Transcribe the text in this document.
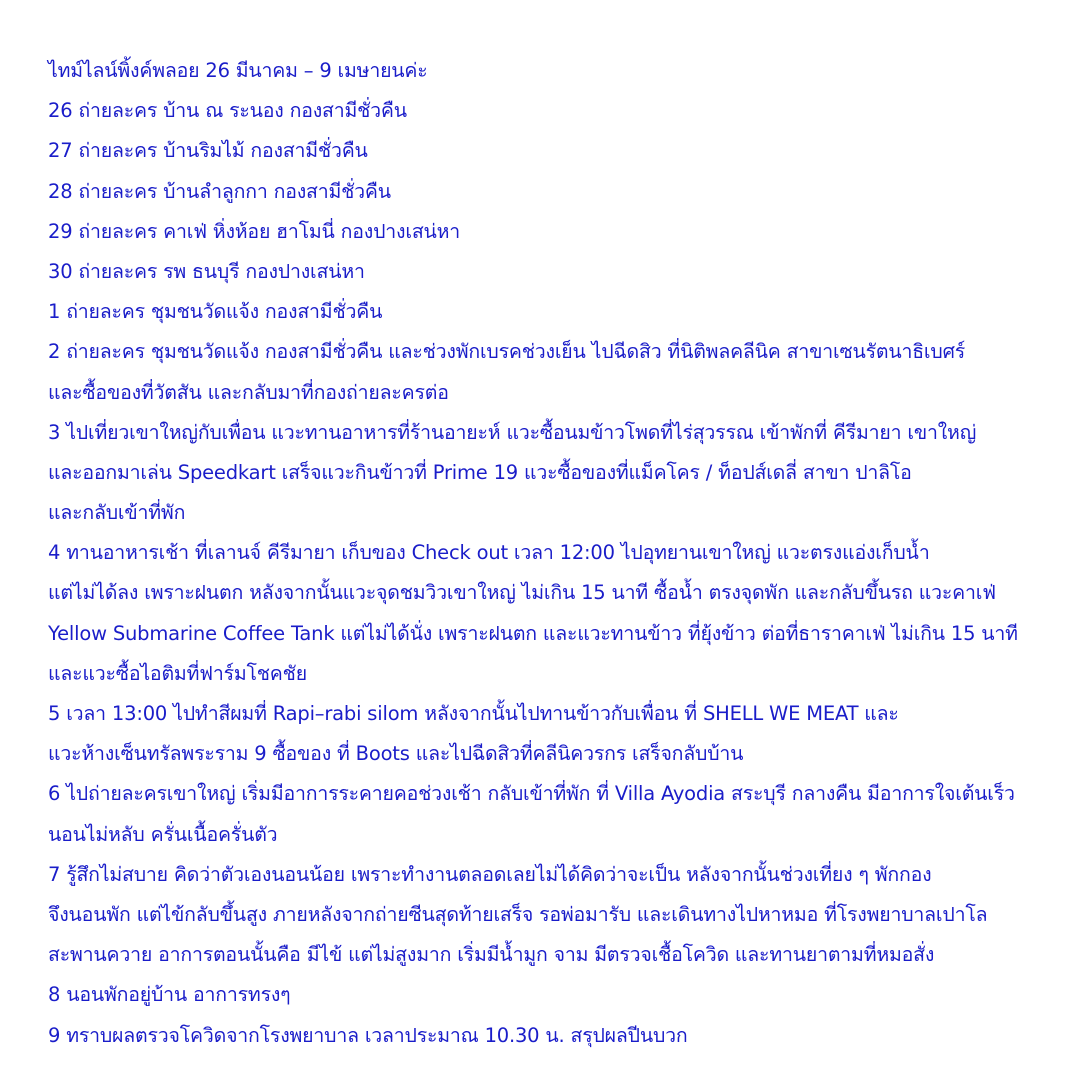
ไทม์ไลน์พิ้งค์พลอย 26 มีนาคม – 9 เมษายนค่ะ
26 ถ่ายละคร บ้าน ณ ระนอง กองสามีชั่วคืน
27 ถ่ายละคร บ้านริมไม้ กองสามีชั่วคืน
28 ถ่ายละคร บ้านลำลูกกา กองสามีชั่วคืน
29 ถ่ายละคร คาเฟ่ หิ่งห้อย ฮาโมนี่ กองปางเสน่หา
30 ถ่ายละคร รพ ธนบุรี กองปางเสน่หา
1 ถ่ายละคร ชุมชนวัดแจ้ง กองสามีชั่วคืน
2 ถ่ายละคร ชุมชนวัดแจ้ง กองสามีชั่วคืน และช่วงพักเบรคช่วงเย็น ไปฉีดสิว ที่นิติพลคลีนิค สาขาเซนรัตนาธิเบศร์
และซื้อของที่วัตสัน และกลับมาที่กองถ่ายละครต่อ
3 ไปเที่ยวเขาใหญ่กับเพื่อน แวะทานอาหารที่ร้านอายะห์ แวะซื้อนมข้าวโพดที่ไร่สุวรรณ เข้าพักที่ คีรีมายา เขาใหญ่
และออกมาเล่น Speedkart เสร็จแวะกินข้าวที่ Prime 19 แวะซื้อของที่แม็คโคร / ท็อปส์เดลี่ สาขา ปาลิโอ
และกลับเข้าที่พัก
4 ทานอาหารเช้า ที่เลานจ์ คีรีมายา เก็บของ Check out เวลา 12:00 ไปอุทยานเขาใหญ่ แวะตรงแอ่งเก็บน้ำ
แต่ไม่ได้ลง เพราะฝนตก หลังจากนั้นแวะจุดชมวิวเขาใหญ่ ไม่เกิน 15 นาที ซื้อน้ำ ตรงจุดพัก และกลับขึ้นรถ แวะคาเฟ่
Yellow Submarine Coffee Tank แต่ไม่ได้นั่ง เพราะฝนตก และแวะทานข้าว ที่ยุ้งข้าว ต่อที่ธาราคาเฟ่ ไม่เกิน 15 นาที
และแวะซื้อไอติมที่ฟาร์มโชคชัย
5 เวลา 13:00 ไปทำสีผมที่ Rapi–rabi silom หลังจากนั้นไปทานข้าวกับเพื่อน ที่ SHELL WE MEAT และ
แวะห้างเซ็นทรัลพระราม 9 ซื้อของ ที่ Boots และไปฉีดสิวที่คลีนิควรกร เสร็จกลับบ้าน
6 ไปถ่ายละครเขาใหญ่ เริ่มมีอาการระคายคอช่วงเช้า กลับเข้าที่พัก ที่ Villa Ayodia สระบุรี กลางคืน มีอาการใจเต้นเร็ว
นอนไม่หลับ ครั่นเนื้อครั่นตัว
7 รู้สึกไม่สบาย คิดว่าตัวเองนอนน้อย เพราะทำงานตลอดเลยไม่ได้คิดว่าจะเป็น หลังจากนั้นช่วงเที่ยง ๆ พักกอง
จึงนอนพัก แต่ไข้กลับขึ้นสูง ภายหลังจากถ่ายซีนสุดท้ายเสร็จ รอพ่อมารับ และเดินทางไปหาหมอ ที่โรงพยาบาลเปาโล
สะพานควาย อาการตอนนั้นคือ มีไข้ แต่ไม่สูงมาก เริ่มมีน้ำมูก จาม มีตรวจเชื้อโควิด และทานยาตามที่หมอสั่ง
8 นอนพักอยู่บ้าน อาการทรงๆ
9 ทราบผลตรวจโควิดจากโรงพยาบาล เวลาประมาณ 10.30 น. สรุปผลปีนบวก
